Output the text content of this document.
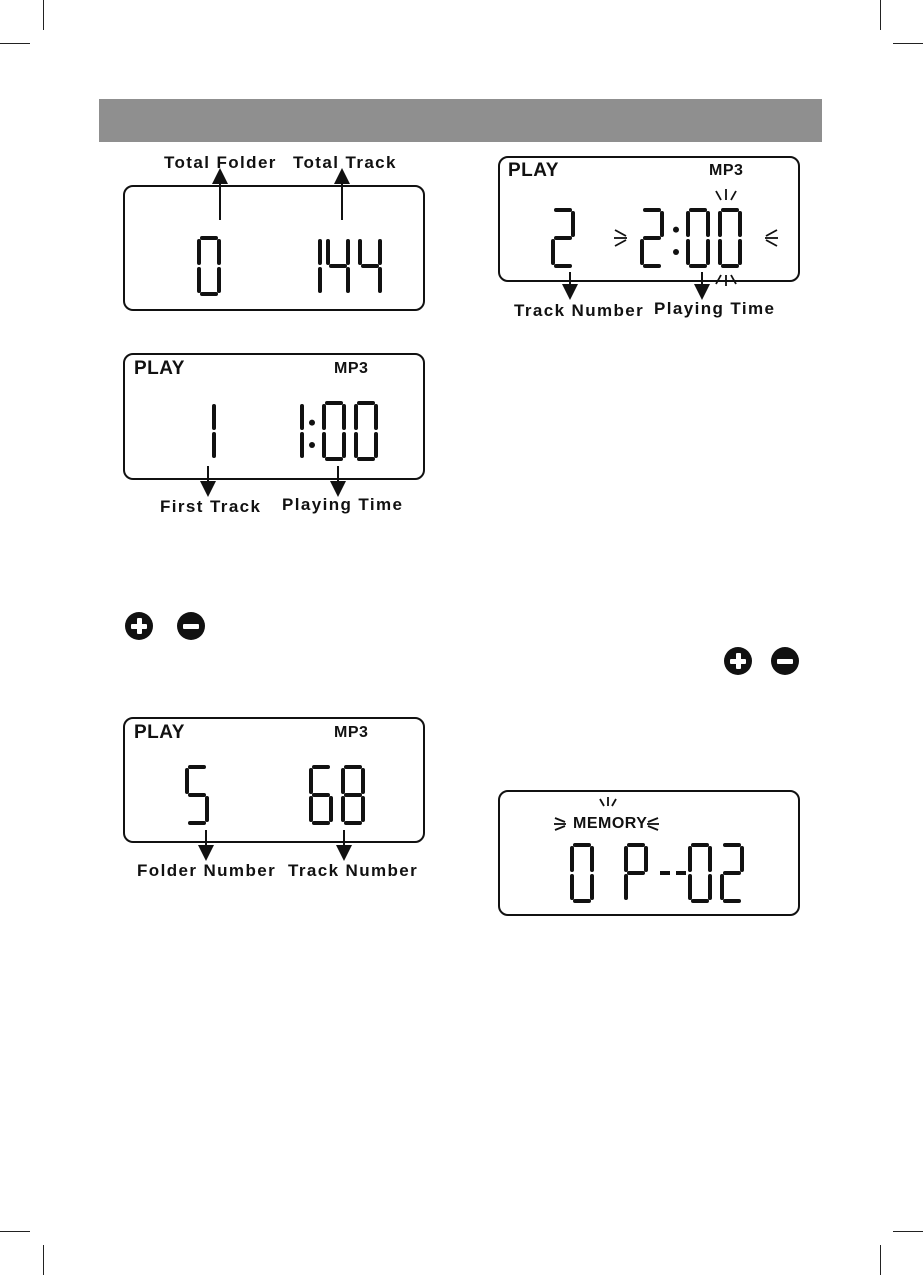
Total Folder Total Track
PLAY	MP3
First Track Playing Time
PLAY	MP3
Folder Number Track Number
PLAY	MP3
Track Number Playing Time
MEMORY
